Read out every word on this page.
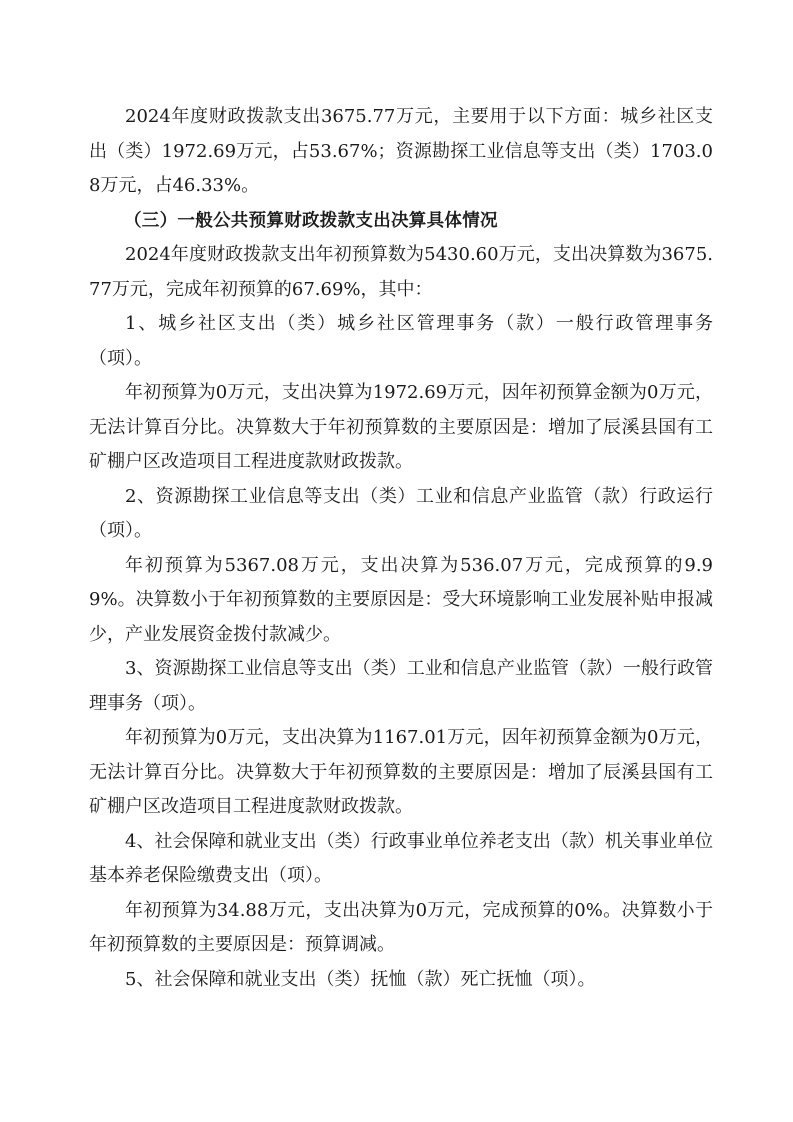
2024年度财政拨款支出3675.77万元，主要用于以下方面：城乡社区支出（类）1972.69万元，占53.67%；资源勘探工业信息等支出（类）1703.08万元，占46.33%。

（三）一般公共预算财政拨款支出决算具体情况

2024年度财政拨款支出年初预算数为5430.60万元，支出决算数为3675.77万元，完成年初预算的67.69%，其中：

1、城乡社区支出（类）城乡社区管理事务（款）一般行政管理事务（项）。

年初预算为0万元，支出决算为1972.69万元，因年初预算金额为0万元，无法计算百分比。决算数大于年初预算数的主要原因是：增加了辰溪县国有工矿棚户区改造项目工程进度款财政拨款。

2、资源勘探工业信息等支出（类）工业和信息产业监管（款）行政运行（项）。

年初预算为5367.08万元，支出决算为536.07万元，完成预算的9.99%。决算数小于年初预算数的主要原因是：受大环境影响工业发展补贴申报减少，产业发展资金拨付款减少。

3、资源勘探工业信息等支出（类）工业和信息产业监管（款）一般行政管理事务（项）。

年初预算为0万元，支出决算为1167.01万元，因年初预算金额为0万元，无法计算百分比。决算数大于年初预算数的主要原因是：增加了辰溪县国有工矿棚户区改造项目工程进度款财政拨款。

4、社会保障和就业支出（类）行政事业单位养老支出（款）机关事业单位基本养老保险缴费支出（项）。

年初预算为34.88万元，支出决算为0万元，完成预算的0%。决算数小于年初预算数的主要原因是：预算调减。

5、社会保障和就业支出（类）抚恤（款）死亡抚恤（项）。
